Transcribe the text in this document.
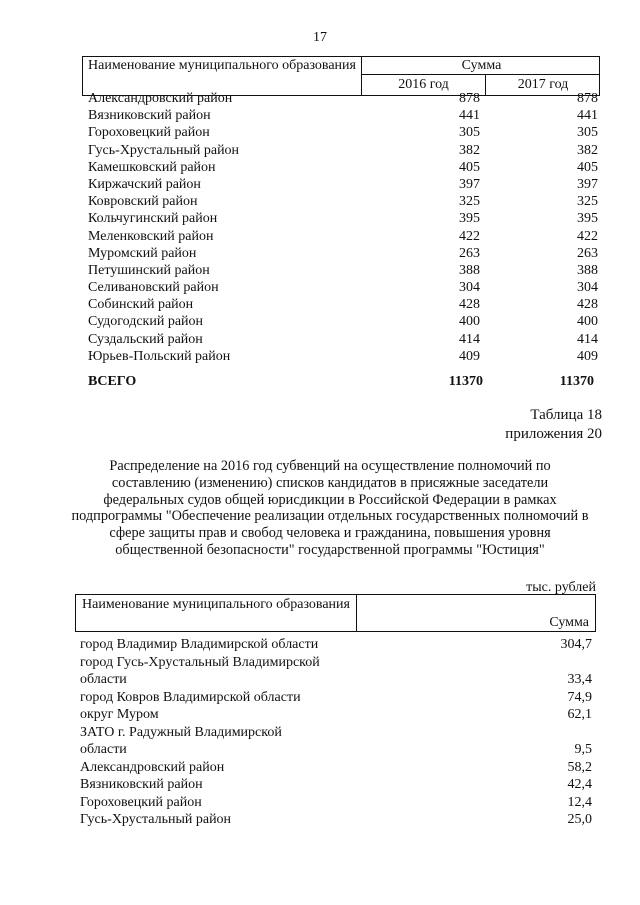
17
Наименование муниципального образования	Сумма
2016 год	2017 год
Александровский район	878	878
Вязниковский район	441	441
Гороховецкий район	305	305
Гусь-Хрустальный район	382	382
Камешковский район	405	405
Киржачский район	397	397
Ковровский район	325	325
Кольчугинский район	395	395
Меленковский район	422	422
Муромский район	263	263
Петушинский район	388	388
Селивановский район	304	304
Собинский район	428	428
Судогодский район	400	400
Суздальский район	414	414
Юрьев-Польский район	409	409
ВСЕГО	11370	11370
Таблица 18
приложения 20
Распределение на 2016 год субвенций на осуществление полномочий по составлению (изменению) списков кандидатов в присяжные заседатели федеральных судов общей юрисдикции в Российской Федерации в рамках подпрограммы "Обеспечение реализации отдельных государственных полномочий в сфере защиты прав и свобод человека и гражданина, повышения уровня общественной безопасности" государственной программы "Юстиция"
тыс. рублей
Наименование муниципального образования
Сумма
город Владимир Владимирской области	304,7
город Гусь-Хрустальный Владимирской
области	33,4
город Ковров Владимирской области	74,9
округ Муром	62,1
ЗАТО г. Радужный Владимирской
области	9,5
Александровский район	58,2
Вязниковский район	42,4
Гороховецкий район	12,4
Гусь-Хрустальный район	25,0
